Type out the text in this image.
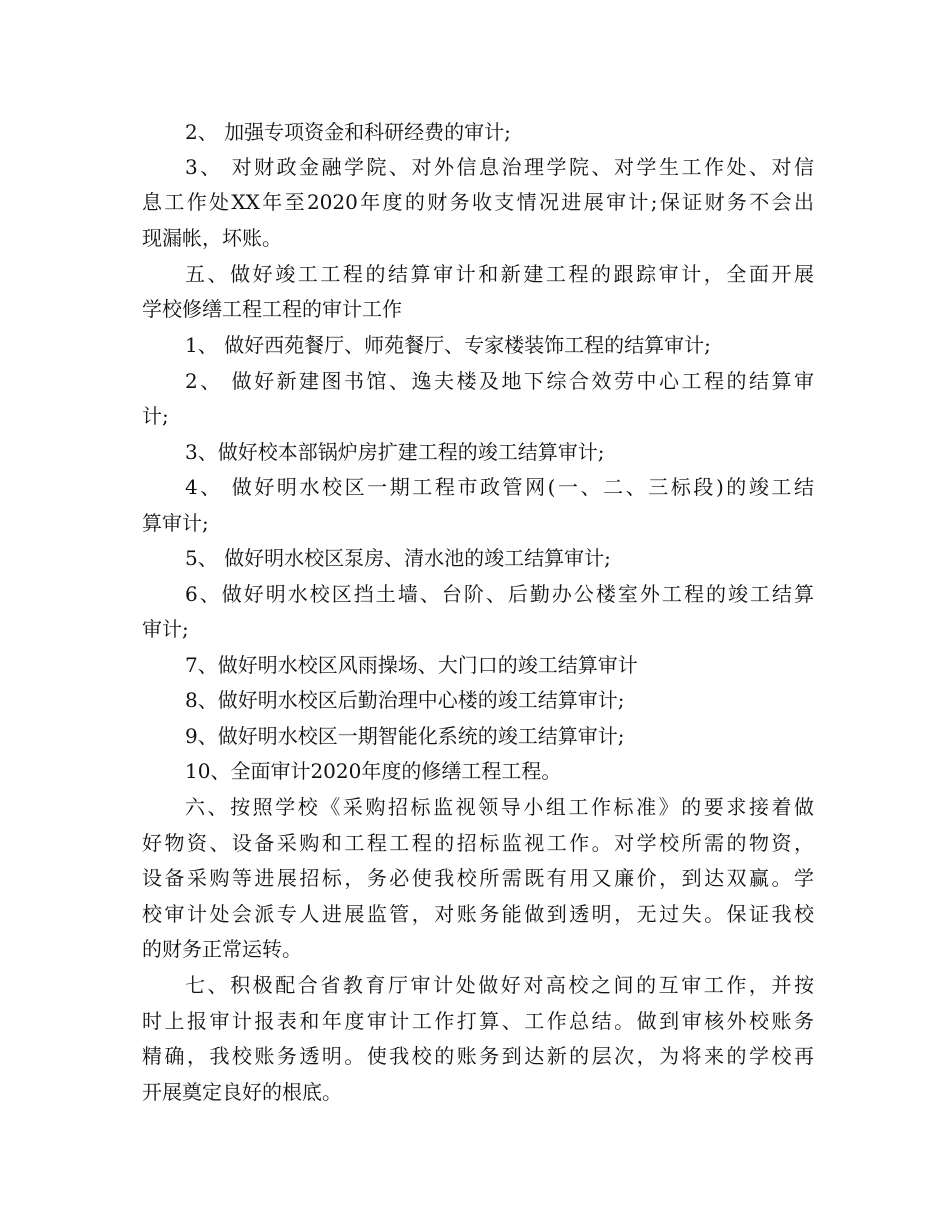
2、 加强专项资金和科研经费的审计;
3、 对财政金融学院、对外信息治理学院、对学生工作处、对信
息工作处XX年至2020年度的财务收支情况进展审计;保证财务不会出
现漏帐，坏账。
五、做好竣工工程的结算审计和新建工程的跟踪审计，全面开展
学校修缮工程工程的审计工作
1、 做好西苑餐厅、师苑餐厅、专家楼装饰工程的结算审计;
2、 做好新建图书馆、逸夫楼及地下综合效劳中心工程的结算审
计;
3、做好校本部锅炉房扩建工程的竣工结算审计;
4、 做好明水校区一期工程市政管网(一、二、三标段)的竣工结
算审计;
5、 做好明水校区泵房、清水池的竣工结算审计;
6、做好明水校区挡土墙、台阶、后勤办公楼室外工程的竣工结算
审计;
7、做好明水校区风雨操场、大门口的竣工结算审计
8、做好明水校区后勤治理中心楼的竣工结算审计;
9、做好明水校区一期智能化系统的竣工结算审计;
10、全面审计2020年度的修缮工程工程。
六、按照学校《采购招标监视领导小组工作标准》的要求接着做
好物资、设备采购和工程工程的招标监视工作。对学校所需的物资，
设备采购等进展招标，务必使我校所需既有用又廉价，到达双赢。学
校审计处会派专人进展监管，对账务能做到透明，无过失。保证我校
的财务正常运转。
七、积极配合省教育厅审计处做好对高校之间的互审工作，并按
时上报审计报表和年度审计工作打算、工作总结。做到审核外校账务
精确，我校账务透明。使我校的账务到达新的层次，为将来的学校再
开展奠定良好的根底。
